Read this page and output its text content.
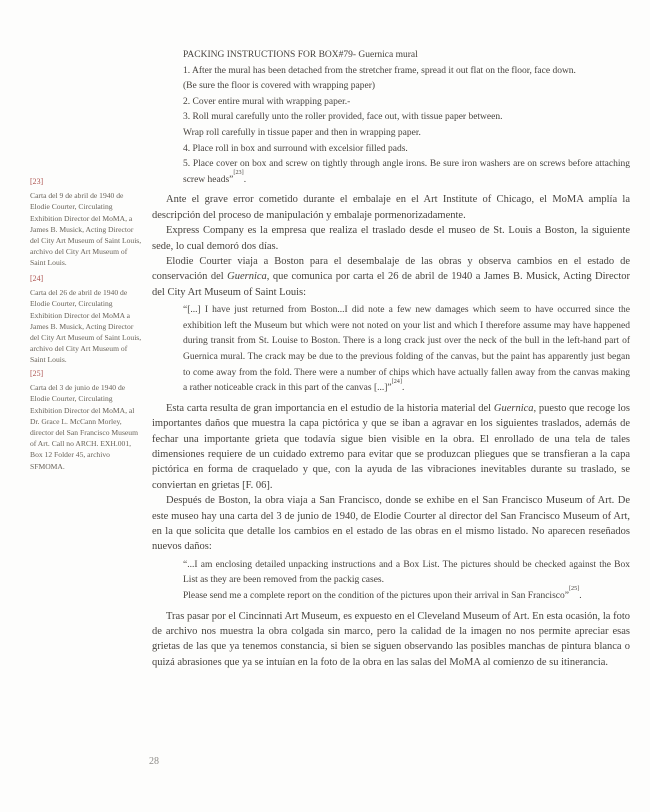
[23]
Carta del 9 de abril de 1940 de Elodie Courter, Circulating Exhibition Director del MoMA, a James B. Musick, Acting Director del City Art Museum of Saint Louis, archivo del City Art Museum of Saint Louis.
[24]
Carta del 26 de abril de 1940 de Elodie Courter, Circulating Exhibition Director del MoMA a James B. Musick, Acting Director del City Art Museum of Saint Louis, archivo del City Art Museum of Saint Louis.
[25]
Carta del 3 de junio de 1940 de Elodie Courter, Circulating Exhibition Director del MoMA, al Dr. Grace L. McCann Morley, director del San Francisco Museum of Art. Call no ARCH. EXH.001, Box 12 Folder 45, archivo SFMOMA.
PACKING INSTRUCTIONS FOR BOX#79- Guernica mural
1. After the mural has been detached from the stretcher frame, spread it out flat on the floor, face down.
(Be sure the floor is covered with wrapping paper)
2. Cover entire mural with wrapping paper.-
3. Roll mural carefully unto the roller provided, face out, with tissue paper between.
Wrap roll carefully in tissue paper and then in wrapping paper.
4. Place roll in box and surround with excelsior filled pads.
5. Place cover on box and screw on tightly through angle irons. Be sure iron washers are on screws before attaching screw heads”[23].

Ante el grave error cometido durante el embalaje en el Art Institute of Chicago, el MoMA amplía la descripción del proceso de manipulación y embalaje pormenorizadamente.

Express Company es la empresa que realiza el traslado desde el museo de St. Louis a Boston, la siguiente sede, lo cual demoró dos días.

Elodie Courter viaja a Boston para el desembalaje de las obras y observa cambios en el estado de conservación del Guernica, que comunica por carta el 26 de abril de 1940 a James B. Musick, Acting Director del City Art Museum of Saint Louis:

“[...] I have just returned from Boston...I did note a few new damages which seem to have occurred since the exhibition left the Museum but which were not noted on your list and which I therefore assume may have happened during transit from St. Louise to Boston. There is a long crack just over the neck of the bull in the left-hand part of Guernica mural. The crack may be due to the previous folding of the canvas, but the paint has apparently just began to come away from the fold. There were a number of chips which have actually fallen away from the canvas making a rather noticeable crack in this part of the canvas [...]”[24].

Esta carta resulta de gran importancia en el estudio de la historia material del Guernica, puesto que recoge los importantes daños que muestra la capa pictórica y que se iban a agravar en los siguientes traslados, además de fechar una importante grieta que todavía sigue bien visible en la obra. El enrollado de una tela de tales dimensiones requiere de un cuidado extremo para evitar que se produzcan pliegues que se transfieran a la capa pictórica en forma de craquelado y que, con la ayuda de las vibraciones inevitables durante su traslado, se conviertan en grietas [F. 06].

Después de Boston, la obra viaja a San Francisco, donde se exhibe en el San Francisco Museum of Art. De este museo hay una carta del 3 de junio de 1940, de Elodie Courter al director del San Francisco Museum of Art, en la que solicita que detalle los cambios en el estado de las obras en el mismo listado. No aparecen reseñados nuevos daños:

“...I am enclosing detailed unpacking instructions and a Box List. The pictures should be checked against the Box List as they are been removed from the packig cases.

Please send me a complete report on the condition of the pictures upon their arrival in San Francisco”[25].

Tras pasar por el Cincinnati Art Museum, es expuesto en el Cleveland Museum of Art. En esta ocasión, la foto de archivo nos muestra la obra colgada sin marco, pero la calidad de la imagen no nos permite apreciar esas grietas de las que ya tenemos constancia, si bien se siguen observando las posibles manchas de pintura blanca o quizá abrasiones que ya se intuían en la foto de la obra en las salas del MoMA al comienzo de su itinerancia.

28
